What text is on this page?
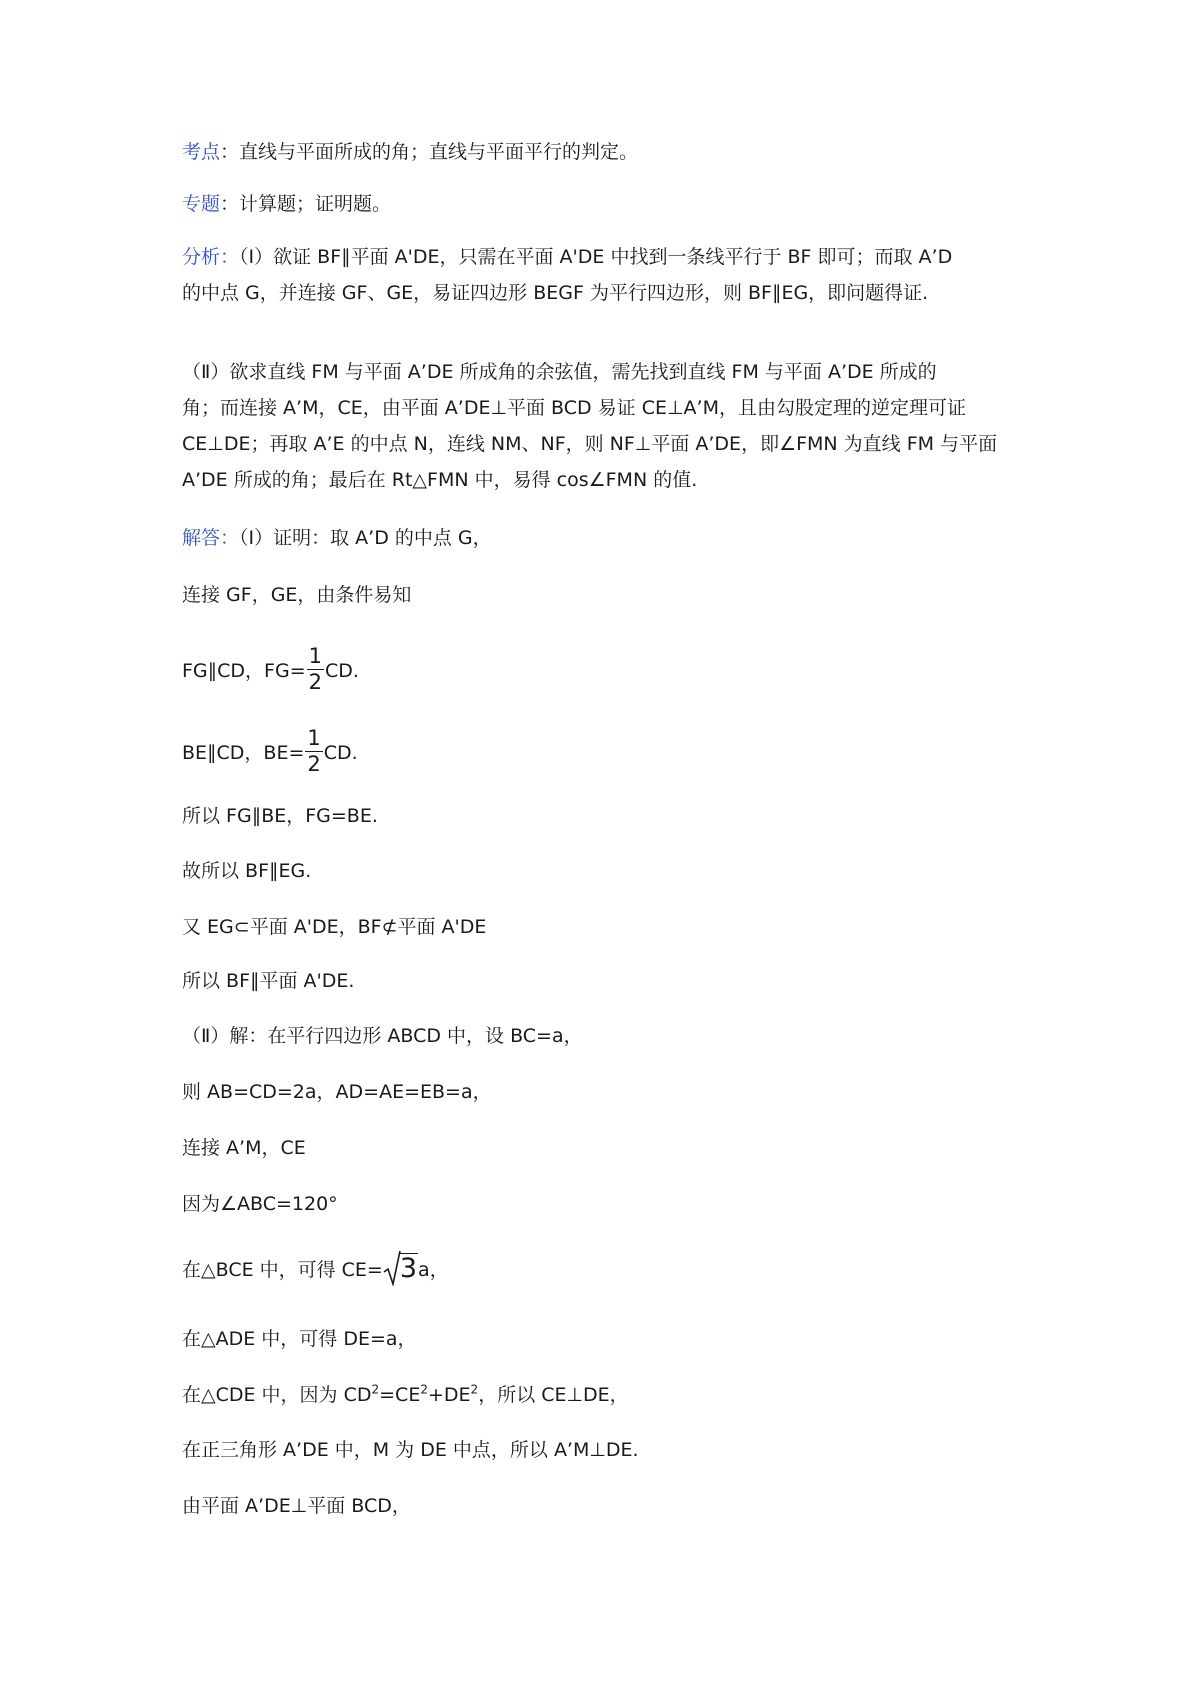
考点：直线与平面所成的角；直线与平面平行的判定。
专题：计算题；证明题。
分析：（Ⅰ）欲证 BF∥平面 A'DE，只需在平面 A'DE 中找到一条线平行于 BF 即可；而取 A’D
的中点 G，并连接 GF、GE，易证四边形 BEGF 为平行四边形，则 BF∥EG，即问题得证.
（Ⅱ）欲求直线 FM 与平面 A’DE 所成角的余弦值，需先找到直线 FM 与平面 A’DE 所成的
角；而连接 A’M，CE，由平面 A’DE⊥平面 BCD 易证 CE⊥A’M，且由勾股定理的逆定理可证
CE⊥DE；再取 A’E 的中点 N，连线 NM、NF，则 NF⊥平面 A’DE，即∠FMN 为直线 FM 与平面
A’DE 所成的角；最后在 Rt△FMN 中，易得 cos∠FMN 的值.
解答：（Ⅰ）证明：取 A’D 的中点 G，
连接 GF，GE，由条件易知
FG∥CD，$FG= \frac{1}{2}$ CD.
BE∥CD，$BE= \frac{1}{2}$ CD.
所以 FG∥BE，FG=BE.
故所以 BF∥EG.
又 EG⊂平面 A'DE，BF⊄平面 A'DE
所以 BF∥平面 A'DE.
（Ⅱ）解：在平行四边形 ABCD 中，设 BC=a，
则 AB=CD=2a，AD=AE=EB=a，
连接 A’M，CE
因为∠ABC=120°
在△BCE 中，可得 CE= 3a，
在△ADE 中，可得 DE=a，
在△CDE 中，因为 $CD^2=CE^2+DE^2$，所以 CE⊥DE，
在正三角形 A’DE 中，M 为 DE 中点，所以 A’M⊥DE.
由平面 A’DE⊥平面 BCD，
